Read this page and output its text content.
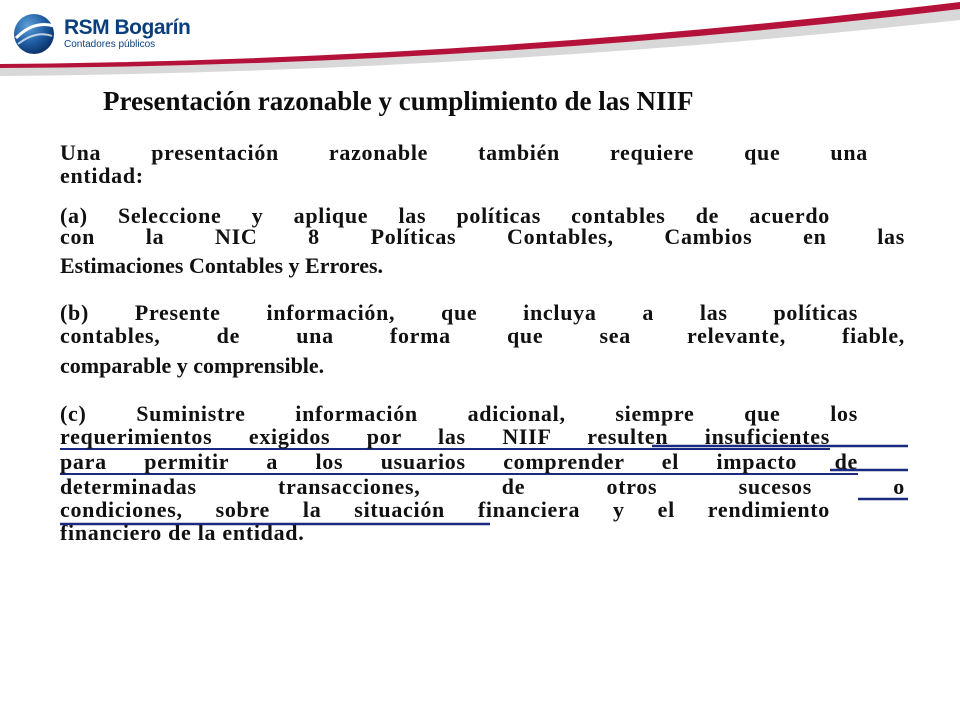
RSM Bogarín
Contadores públicos
Presentación razonable y cumplimiento de las NIIF

Una presentación razonable también requiere que una
entidad:

(a) Seleccione y aplique las políticas contables de acuerdo
con la NIC 8 Políticas Contables, Cambios en las
Estimaciones Contables y Errores.

(b) Presente información, que incluya a las políticas
contables, de una forma que sea relevante, fiable,
comparable y comprensible.

(c) Suministre información adicional, siempre que los
requerimientos exigidos por las NIIF resulten insuficientes
para permitir a los usuarios comprender el impacto de
determinadas transacciones, de otros sucesos o
condiciones, sobre la situación financiera y el rendimiento
financiero de la entidad.
